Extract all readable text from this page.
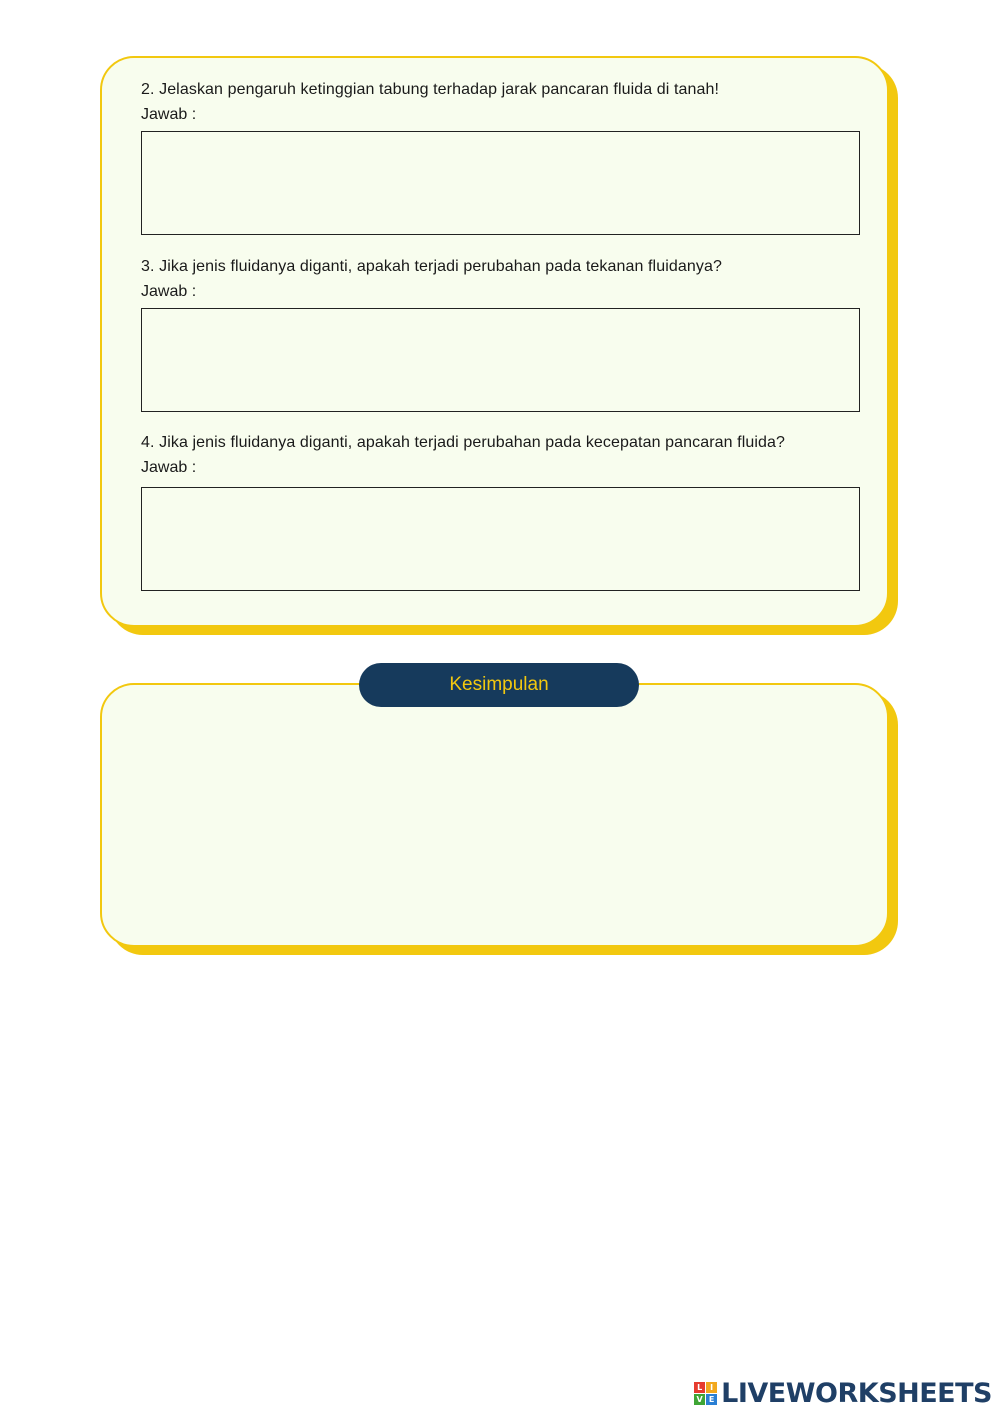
2. Jelaskan pengaruh ketinggian tabung terhadap jarak pancaran fluida di tanah!
Jawab :
3. Jika jenis fluidanya diganti, apakah terjadi perubahan pada tekanan fluidanya?
Jawab :
4. Jika jenis fluidanya diganti, apakah terjadi perubahan pada kecepatan pancaran fluida?
Jawab :
Kesimpulan
L I
V E LIVEWORKSHEETS
